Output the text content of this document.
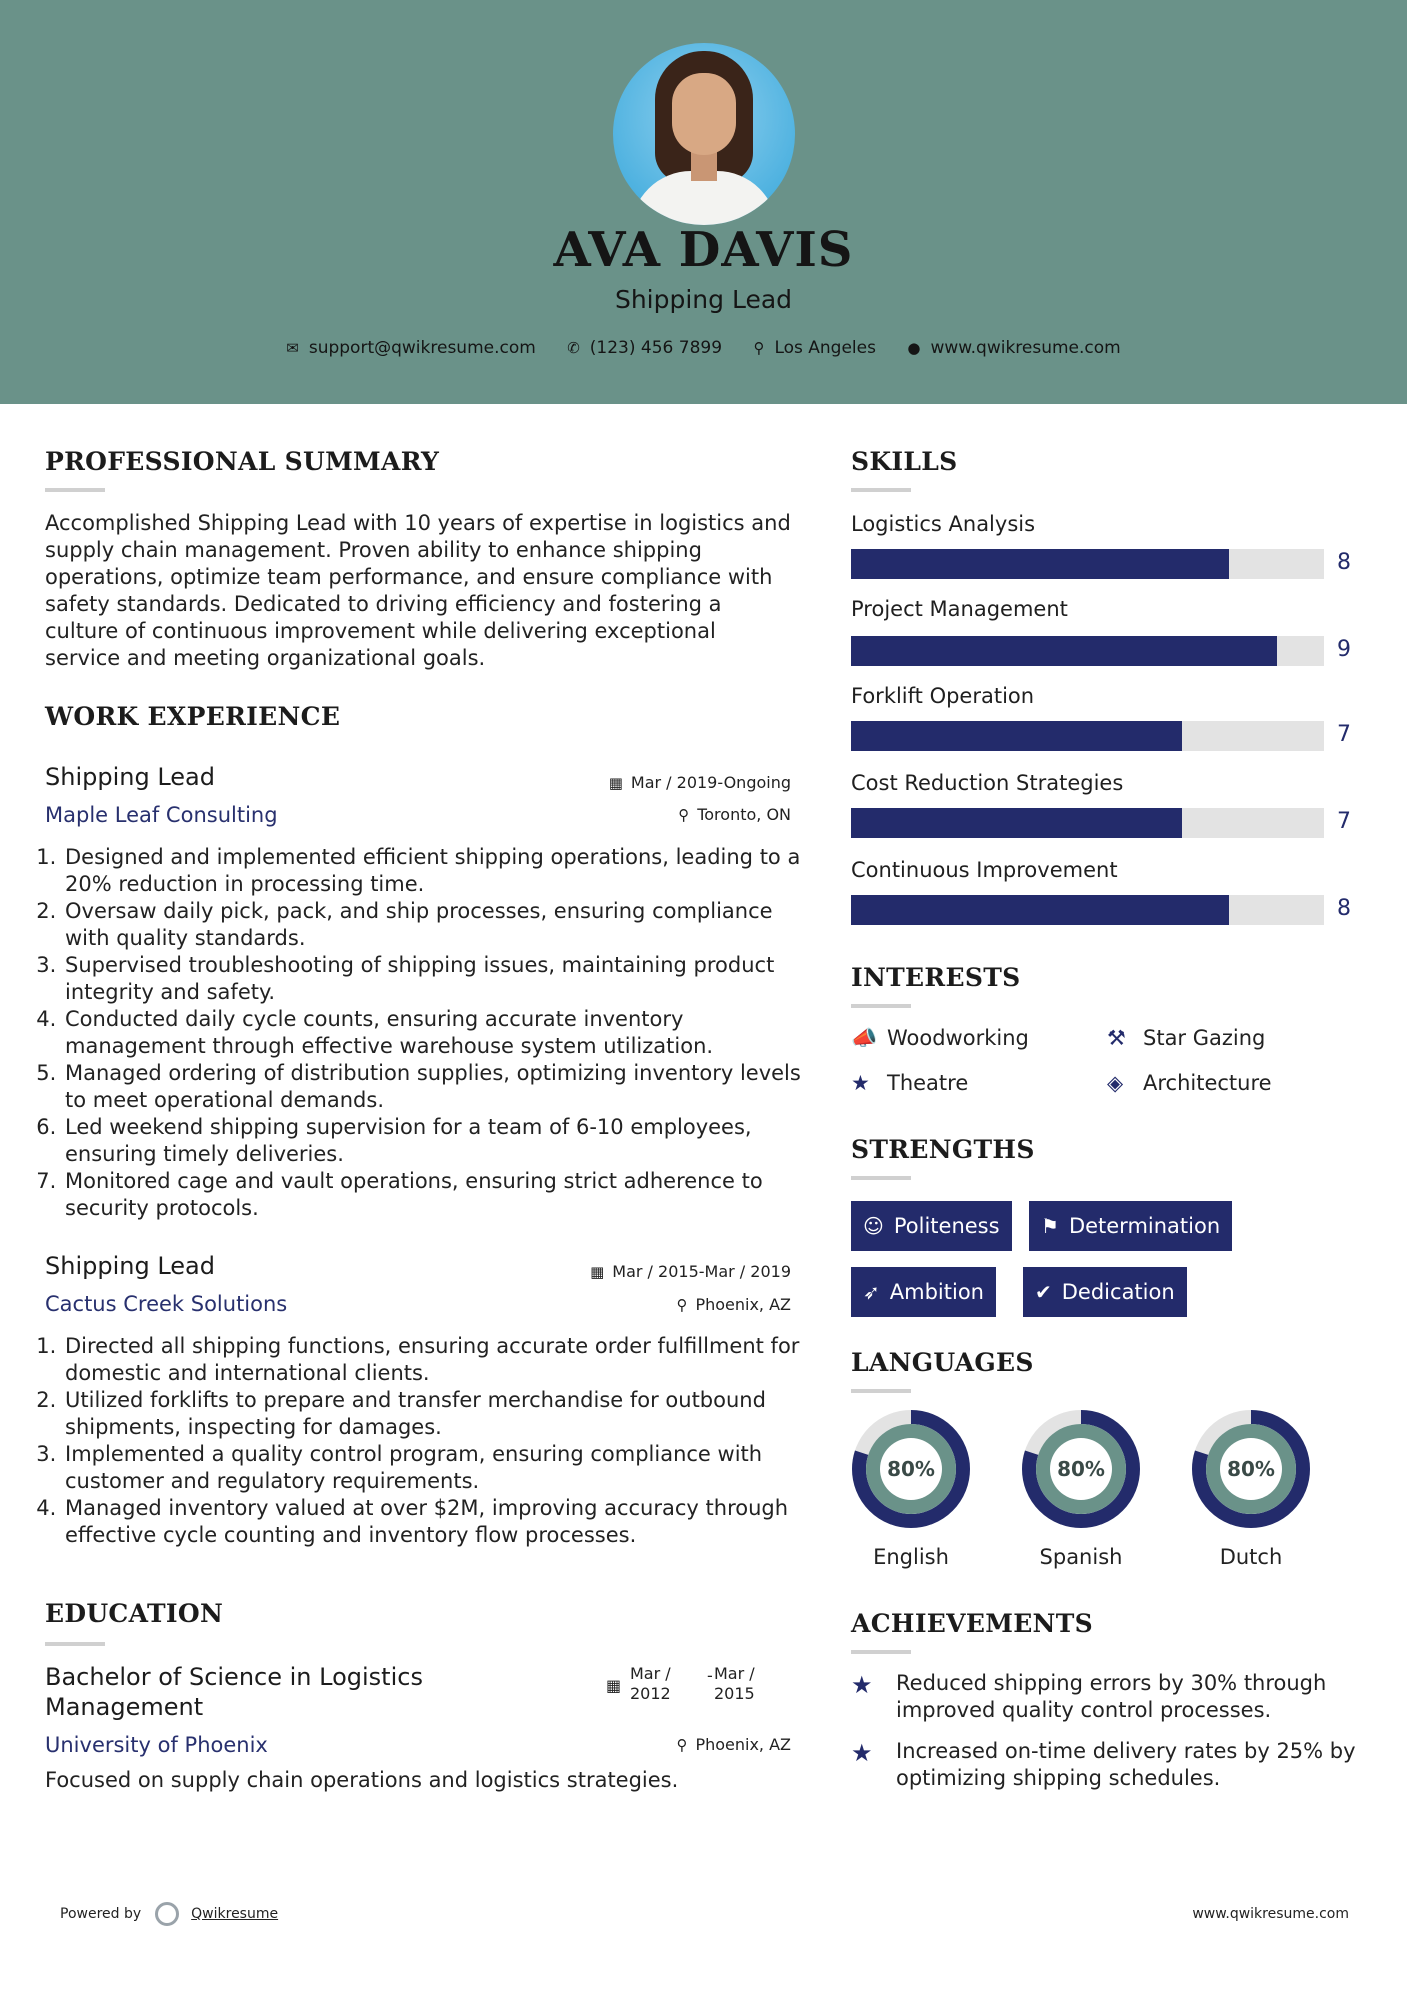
AVA DAVIS
Shipping Lead
✉ support@qwikresume.com ✆ (123) 456 7899 ⚲ Los Angeles ● www.qwikresume.com
PROFESSIONAL SUMMARY
Accomplished Shipping Lead with 10 years of expertise in logistics and supply chain management. Proven ability to enhance shipping operations, optimize team performance, and ensure compliance with safety standards. Dedicated to driving efficiency and fostering a culture of continuous improvement while delivering exceptional service and meeting organizational goals.
WORK EXPERIENCE
Shipping Lead	▦ Mar / 2019-Ongoing
Maple Leaf Consulting	⚲ Toronto, ON
1. Designed and implemented efficient shipping operations, leading to a 20% reduction in processing time.
2. Oversaw daily pick, pack, and ship processes, ensuring compliance with quality standards.
3. Supervised troubleshooting of shipping issues, maintaining product integrity and safety.
4. Conducted daily cycle counts, ensuring accurate inventory management through effective warehouse system utilization.
5. Managed ordering of distribution supplies, optimizing inventory levels to meet operational demands.
6. Led weekend shipping supervision for a team of 6-10 employees, ensuring timely deliveries.
7. Monitored cage and vault operations, ensuring strict adherence to security protocols.
Shipping Lead	▦ Mar / 2015-Mar / 2019
Cactus Creek Solutions	⚲ Phoenix, AZ
1. Directed all shipping functions, ensuring accurate order fulfillment for domestic and international clients.
2. Utilized forklifts to prepare and transfer merchandise for outbound shipments, inspecting for damages.
3. Implemented a quality control program, ensuring compliance with customer and regulatory requirements.
4. Managed inventory valued at over $2M, improving accuracy through effective cycle counting and inventory flow processes.
EDUCATION
Bachelor of Science in Logistics Management
▦
Mar /
2012
- Mar /
2015
University of Phoenix	⚲ Phoenix, AZ
Focused on supply chain operations and logistics strategies.
SKILLS
Logistics Analysis
8
Project Management
9
Forklift Operation
7
Cost Reduction Strategies
7
Continuous Improvement
8
INTERESTS
📣 Woodworking	⚒ Star Gazing
★ Theatre	◈ Architecture
STRENGTHS
☺ Politeness	⚑ Determination
➶ Ambition	✔ Dedication
LANGUAGES
80%
English
80%
Spanish
80%
Dutch
ACHIEVEMENTS
★ Reduced shipping errors by 30% through improved quality control processes.
★ Increased on-time delivery rates by 25% by optimizing shipping schedules.
Powered by	Qwikresume	www.qwikresume.com
